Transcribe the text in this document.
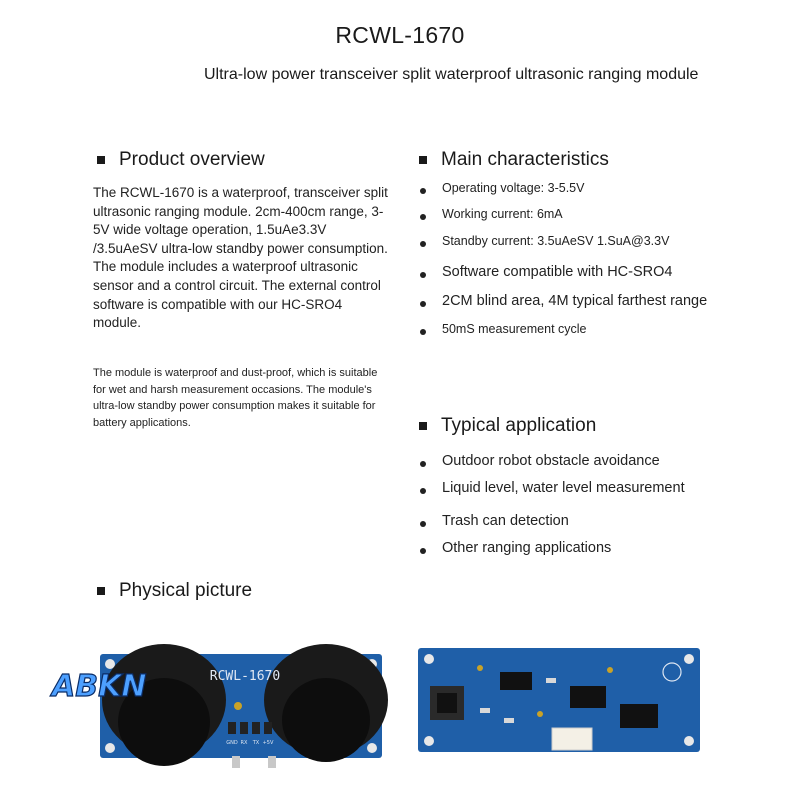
RCWL-1670
Ultra-low power transceiver split waterproof ultrasonic ranging module
Product overview
The RCWL-1670 is a waterproof, transceiver split ultrasonic ranging module. 2cm-400cm range, 3-5V wide voltage operation, 1.5uAe3.3V /3.5uAeSV ultra-low standby power consumption. The module includes a waterproof ultrasonic sensor and a control circuit. The external control software is compatible with our HC-SRO4 module.
The module is waterproof and dust-proof, which is suitable for wet and harsh measurement occasions. The module's ultra-low standby power consumption makes it suitable for battery applications.
Main characteristics
Operating voltage: 3-5.5V
Working current: 6mA
Standby current: 3.5uAeSV 1.SuA@3.3V
Software compatible with HC-SRO4
2CM blind area, 4M typical farthest range
50mS measurement cycle
Typical application
Outdoor robot obstacle avoidance
Liquid level, water level measurement
Trash can detection
Other ranging applications
Physical picture
RCWL-1670
GND RX TX +5V
ABKN
